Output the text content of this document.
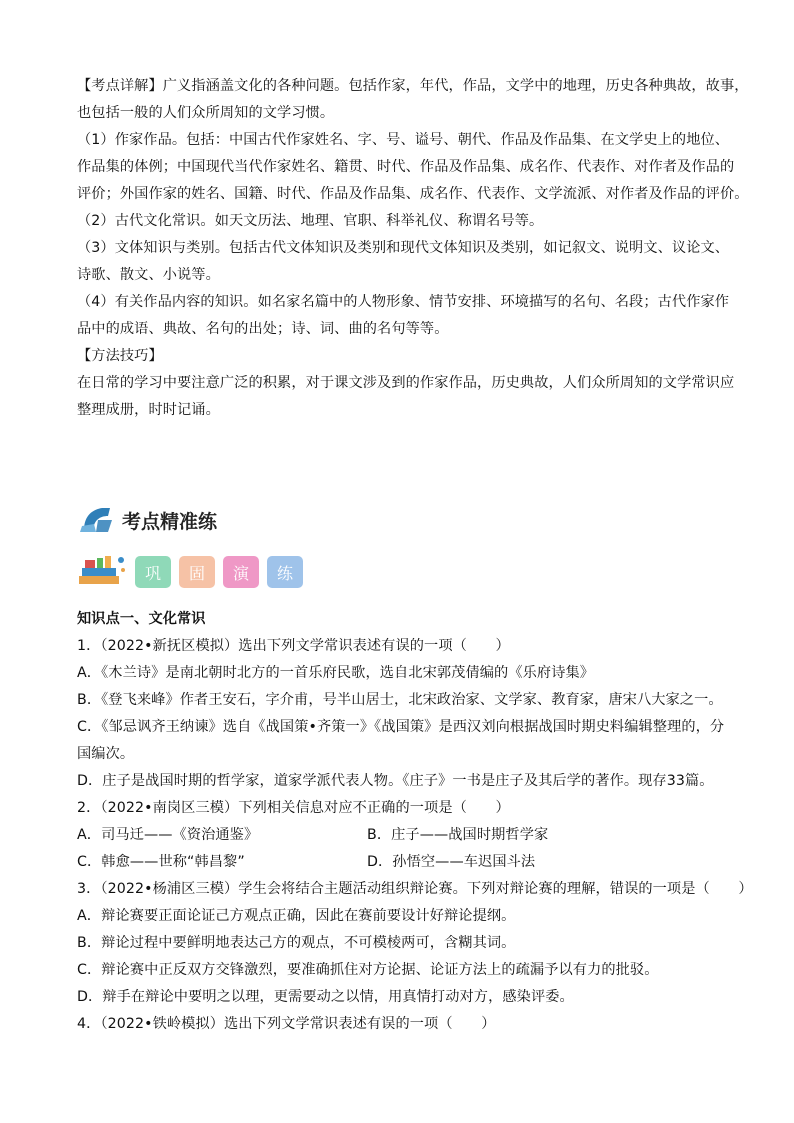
【考点详解】广义指涵盖文化的各种问题。包括作家，年代，作品，文学中的地理，历史各种典故，故事，
也包括一般的人们众所周知的文学习惯。
（1）作家作品。包括：中国古代作家姓名、字、号、谥号、朝代、作品及作品集、在文学史上的地位、
作品集的体例；中国现代当代作家姓名、籍贯、时代、作品及作品集、成名作、代表作、对作者及作品的
评价；外国作家的姓名、国籍、时代、作品及作品集、成名作、代表作、文学流派、对作者及作品的评价。
（2）古代文化常识。如天文历法、地理、官职、科举礼仪、称谓名号等。
（3）文体知识与类别。包括古代文体知识及类别和现代文体知识及类别，如记叙文、说明文、议论文、
诗歌、散文、小说等。
（4）有关作品内容的知识。如名家名篇中的人物形象、情节安排、环境描写的名句、名段；古代作家作
品中的成语、典故、名句的出处；诗、词、曲的名句等等。
【方法技巧】
在日常的学习中要注意广泛的积累，对于课文涉及到的作家作品，历史典故，人们众所周知的文学常识应
整理成册，时时记诵。
考点精准练
巩	固	演	练
知识点一、文化常识
1．（2022•新抚区模拟）选出下列文学常识表述有误的一项（　　）
A．《木兰诗》是南北朝时北方的一首乐府民歌，选自北宋郭茂倩编的《乐府诗集》
B．《登飞来峰》作者王安石，字介甫，号半山居士，北宋政治家、文学家、教育家，唐宋八大家之一。
C．《邹忌讽齐王纳谏》选自《战国策•齐策一》《战国策》是西汉刘向根据战国时期史料编辑整理的，分
国编次。
D．庄子是战国时期的哲学家，道家学派代表人物。《庄子》一书是庄子及其后学的著作。现存33篇。
2．（2022•南岗区三模）下列相关信息对应不正确的一项是（　　）
A．司马迁——《资治通鉴》	B．庄子——战国时期哲学家
C．韩愈——世称“韩昌黎”	D．孙悟空——车迟国斗法
3．（2022•杨浦区三模）学生会将结合主题活动组织辩论赛。下列对辩论赛的理解，错误的一项是（　　）
A．辩论赛要正面论证己方观点正确，因此在赛前要设计好辩论提纲。
B．辩论过程中要鲜明地表达己方的观点，不可模棱两可，含糊其词。
C．辩论赛中正反双方交锋激烈，要准确抓住对方论据、论证方法上的疏漏予以有力的批驳。
D．辩手在辩论中要明之以理，更需要动之以情，用真情打动对方，感染评委。
4．（2022•铁岭模拟）选出下列文学常识表述有误的一项（　　）
